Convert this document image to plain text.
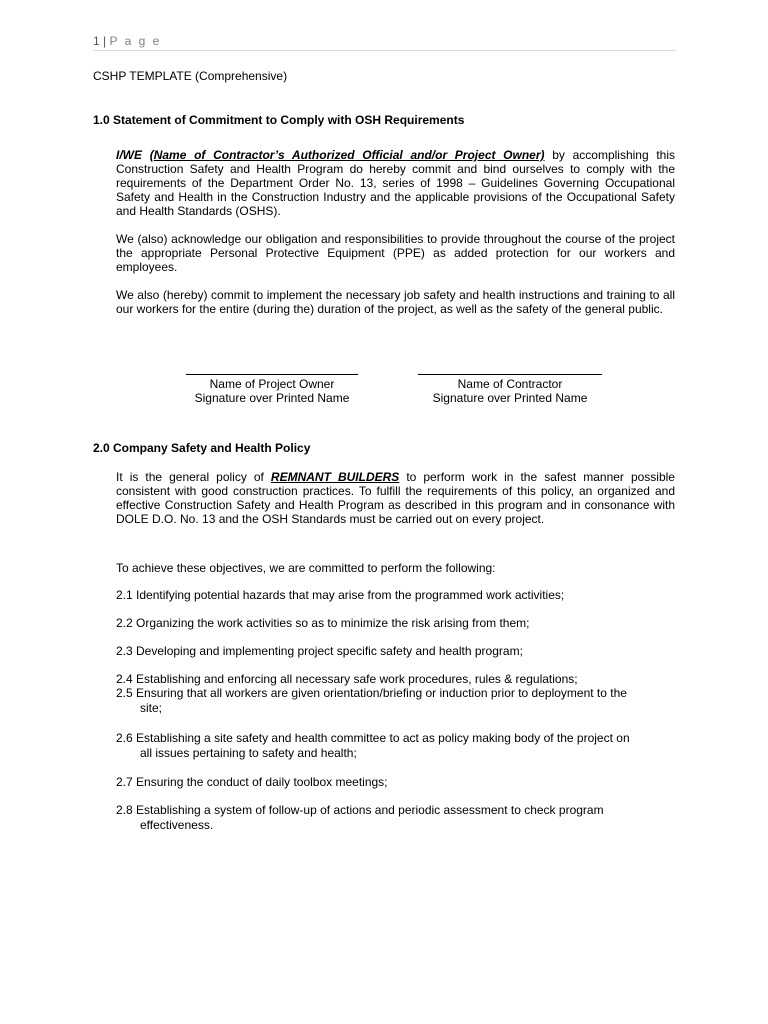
1 | P a g e
CSHP TEMPLATE (Comprehensive)
1.0 Statement of Commitment to Comply with OSH Requirements
I/WE (Name of Contractor’s Authorized Official and/or Project Owner) by accomplishing this Construction Safety and Health Program do hereby commit and bind ourselves to comply with the requirements of the Department Order No. 13, series of 1998 – Guidelines Governing Occupational Safety and Health in the Construction Industry and the applicable provisions of the Occupational Safety and Health Standards (OSHS).
We (also) acknowledge our obligation and responsibilities to provide throughout the course of the project the appropriate Personal Protective Equipment (PPE) as added protection for our workers and employees.
We also (hereby) commit to implement the necessary job safety and health instructions and training to all our workers for the entire (during the) duration of the project, as well as the safety of the general public.
Name of Project Owner
Signature over Printed Name
Name of Contractor
Signature over Printed Name
2.0 Company Safety and Health Policy
It is the general policy of REMNANT BUILDERS to perform work in the safest manner possible consistent with good construction practices. To fulfill the requirements of this policy, an organized and effective Construction Safety and Health Program as described in this program and in consonance with DOLE D.O. No. 13 and the OSH Standards must be carried out on every project.
To achieve these objectives, we are committed to perform the following:
2.1 Identifying potential hazards that may arise from the programmed work activities;
2.2 Organizing the work activities so as to minimize the risk arising from them;
2.3 Developing and implementing project specific safety and health program;
2.4 Establishing and enforcing all necessary safe work procedures, rules & regulations;
2.5 Ensuring that all workers are given orientation/briefing or induction prior to deployment to the
site;
2.6 Establishing a site safety and health committee to act as policy making body of the project on
all issues pertaining to safety and health;
2.7 Ensuring the conduct of daily toolbox meetings;
2.8 Establishing a system of follow-up of actions and periodic assessment to check program
effectiveness.
